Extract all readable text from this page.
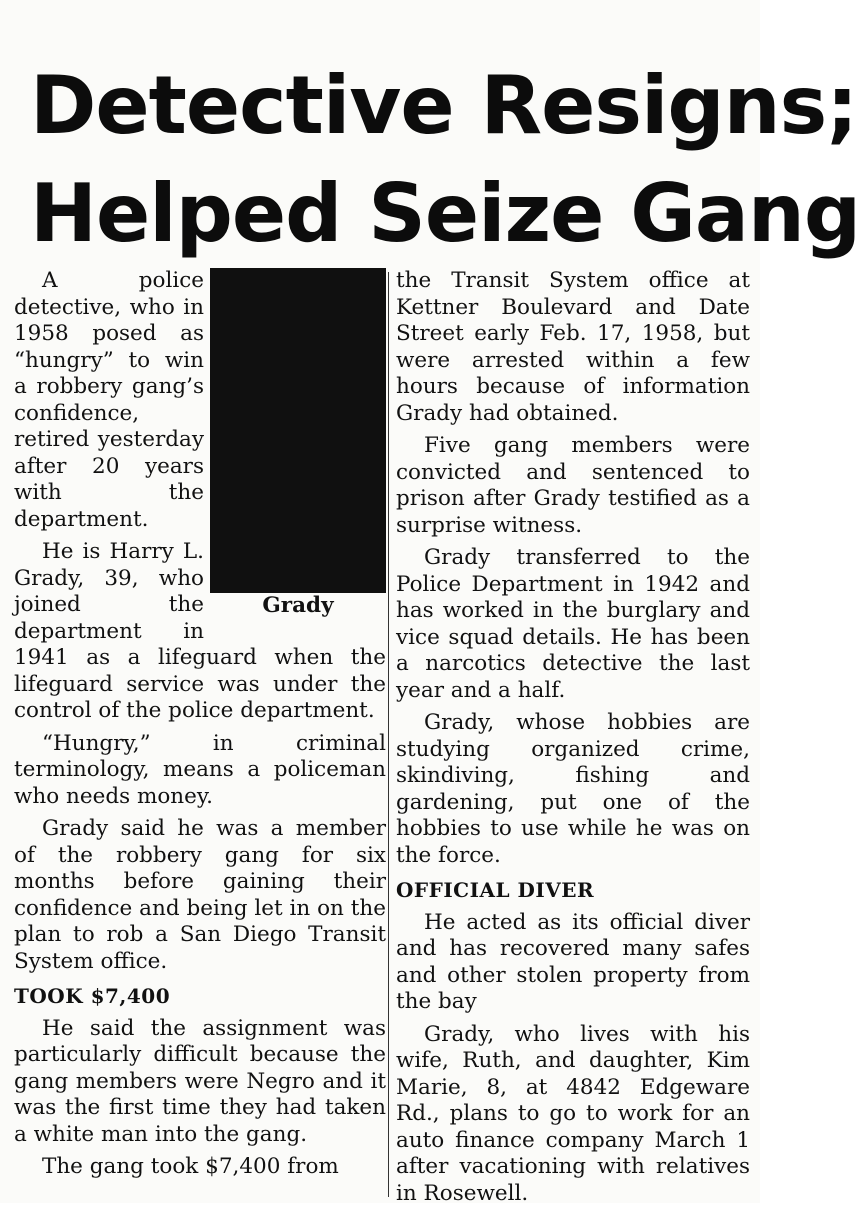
Detective Resigns;
Helped Seize Gang
Grady

A police detective, who in 1958 posed as “hungry” to win a robbery gang’s confidence, retired yesterday after 20 years with the department.

He is Harry L. Grady, 39, who joined the department in 1941 as a lifeguard when the lifeguard service was under the control of the police department.

“Hungry,” in criminal terminology, means a policeman who needs money.

Grady said he was a member of the robbery gang for six months before gaining their confidence and being let in on the plan to rob a San Diego Transit System office.

TOOK $7,400

He said the assignment was particularly difficult because the gang members were Negro and it was the first time they had taken a white man into the gang.

The gang took $7,400 from

the Transit System office at Kettner Boulevard and Date Street early Feb. 17, 1958, but were arrested within a few hours because of information Grady had obtained.

Five gang members were convicted and sentenced to prison after Grady testified as a surprise witness.

Grady transferred to the Police Department in 1942 and has worked in the burglary and vice squad details. He has been a narcotics detective the last year and a half.

Grady, whose hobbies are studying organized crime, skindiving, fishing and gardening, put one of the hobbies to use while he was on the force.

OFFICIAL DIVER

He acted as its official diver and has recovered many safes and other stolen property from the bay

Grady, who lives with his wife, Ruth, and daughter, Kim Marie, 8, at 4842 Edgeware Rd., plans to go to work for an auto finance company March 1 after vacationing with relatives in Rosewell.
